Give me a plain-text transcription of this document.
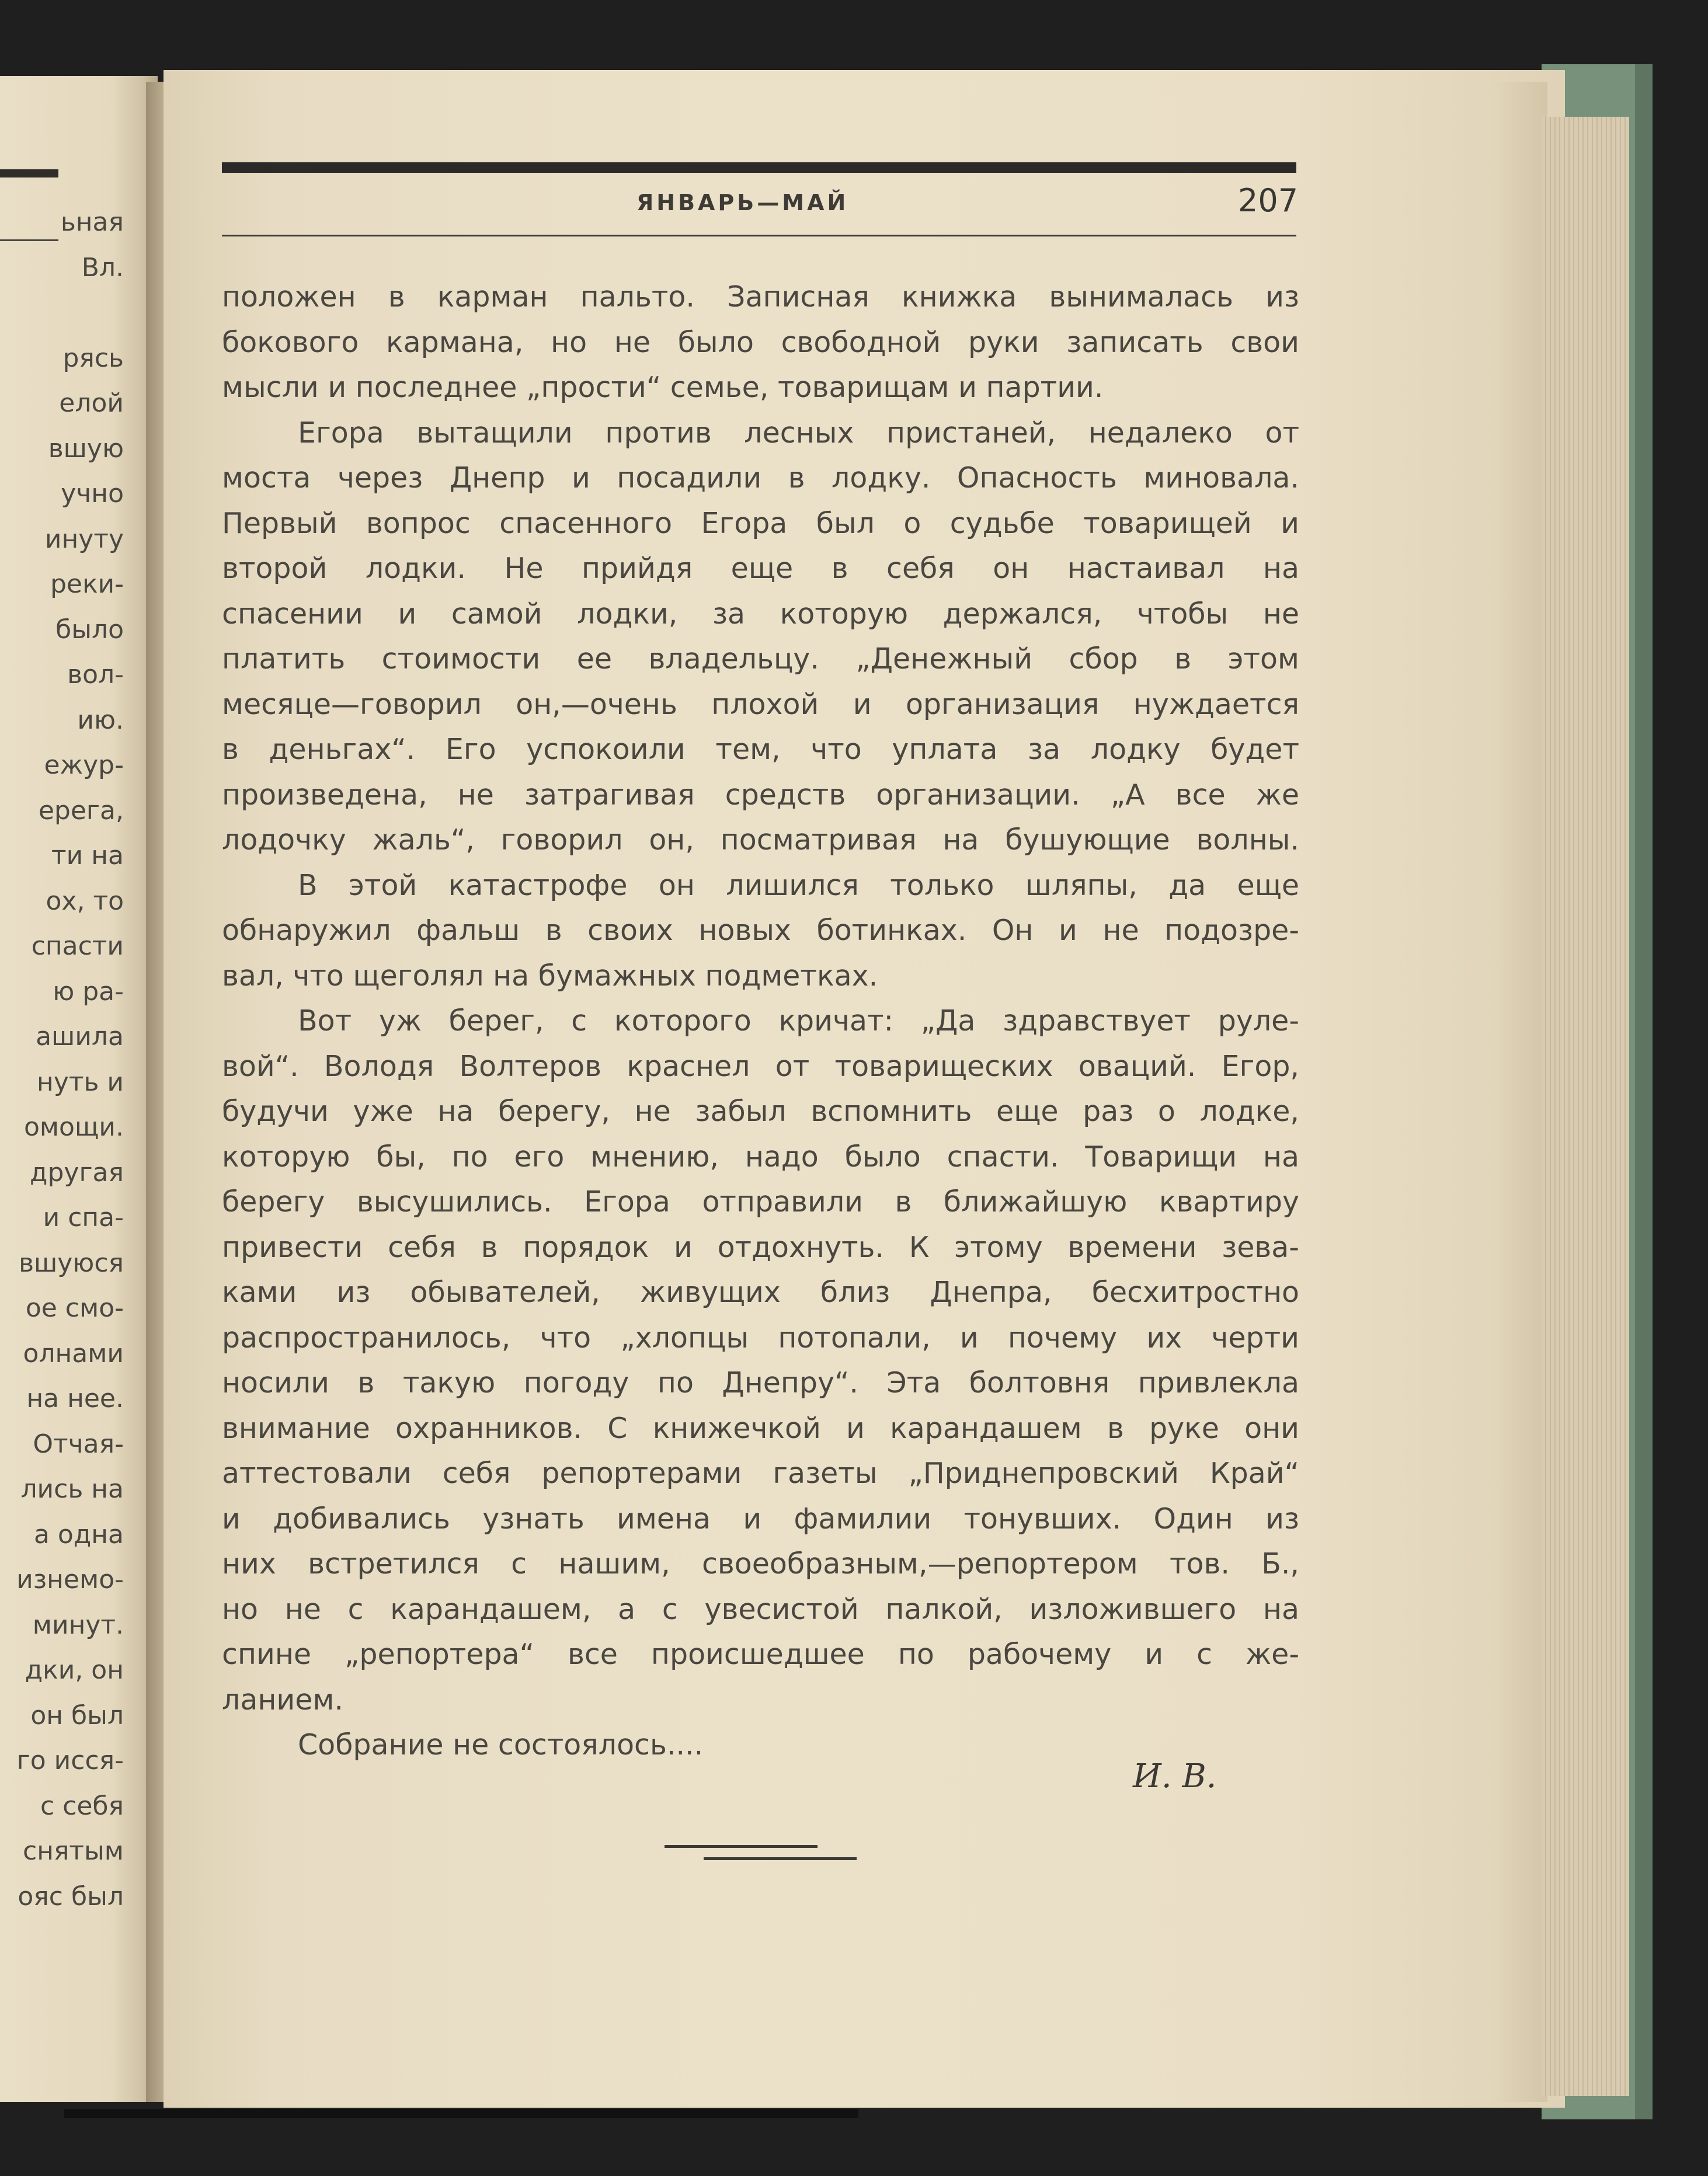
ьная
Вл.
рясь
елой
вшую
учно
инуту
реки-
было
вол-
ию.
ежур-
ерега,
ти на
ох, то
спасти
ю ра-
ашила
нуть и
омощи.
другая
и спа-
вшуюся
ое смо-
олнами
на нее.
Отчая-
лись на
а одна
изнемо-
минут.
дки, он
он был
го исся-
с себя
снятым
ояс был
ЯНВАРЬ—МАЙ	207
положен в карман пальто. Записная книжка вынималась из
бокового кармана, но не было свободной руки записать свои
мысли и последнее „прости“ семье, товарищам и партии.
Егора вытащили против лесных пристаней, недалеко от
моста через Днепр и посадили в лодку. Опасность миновала.
Первый вопрос спасенного Егора был о судьбе товарищей и
второй лодки. Не прийдя еще в себя он настаивал на
спасении и самой лодки, за которую держался, чтобы не
платить стоимости ее владельцу. „Денежный сбор в этом
месяце—говорил он,—очень плохой и организация нуждается
в деньгах“. Его успокоили тем, что уплата за лодку будет
произведена, не затрагивая средств организации. „А все же
лодочку жаль“, говорил он, посматривая на бушующие волны.
В этой катастрофе он лишился только шляпы, да еще
обнаружил фальш в своих новых ботинках. Он и не подозре-
вал, что щеголял на бумажных подметках.
Вот уж берег, с которого кричат: „Да здравствует руле-
вой“. Володя Волтеров краснел от товарищеских оваций. Егор,
будучи уже на берегу, не забыл вспомнить еще раз о лодке,
которую бы, по его мнению, надо было спасти. Товарищи на
берегу высушились. Егора отправили в ближайшую квартиру
привести себя в порядок и отдохнуть. К этому времени зева-
ками из обывателей, живущих близ Днепра, бесхитростно
распространилось, что „хлопцы потопали, и почему их черти
носили в такую погоду по Днепру“. Эта болтовня привлекла
внимание охранников. С книжечкой и карандашем в руке они
аттестовали себя репортерами газеты „Приднепровский Край“
и добивались узнать имена и фамилии тонувших. Один из
них встретился с нашим, своеобразным,—репортером тов. Б.,
но не с карандашем, а с увесистой палкой, изложившего на
спине „репортера“ все происшедшее по рабочему и с же-
ланием.
Собрание не состоялось....
И. В.
